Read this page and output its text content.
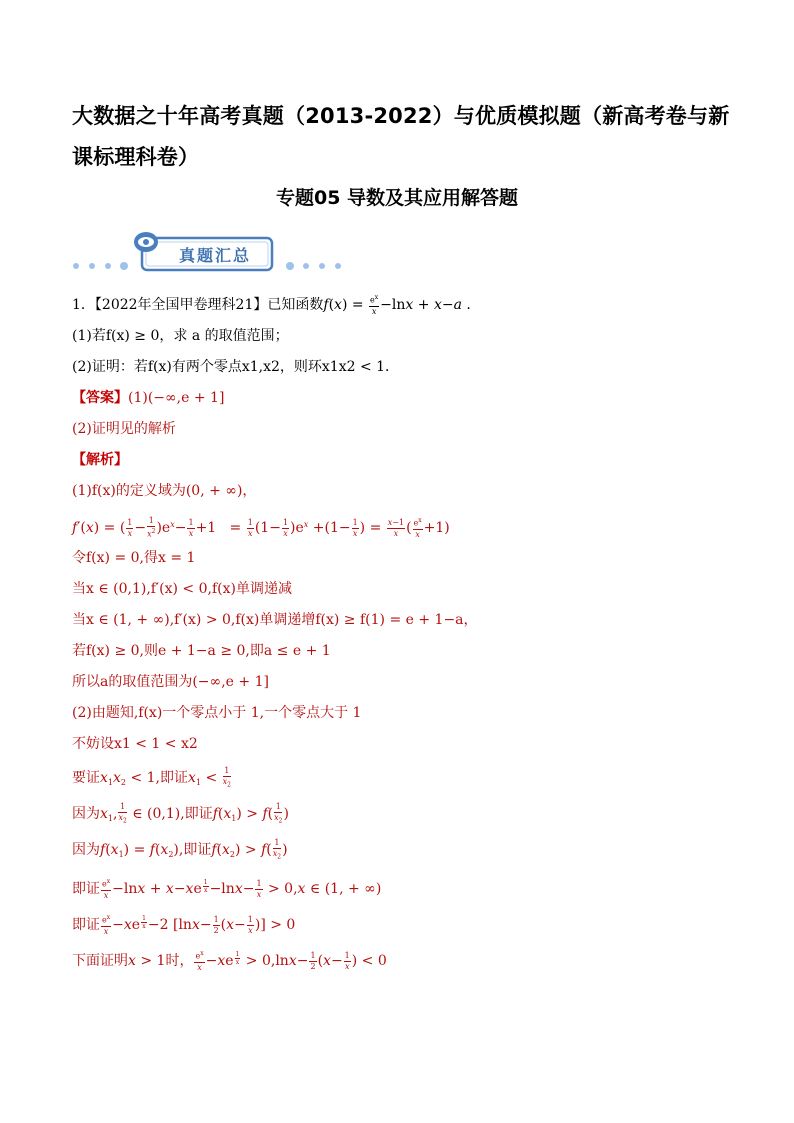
大数据之十年高考真题（2013-2022）与优质模拟题（新高考卷与新课标理科卷）
专题05 导数及其应用解答题
真题汇总
1．【2022年全国甲卷理科21】已知函数$f(x) = \frac{e^x}{x} -\ln x + x-a$ .
(1)若f(x) ≥ 0，求 a 的取值范围；
(2)证明：若f(x)有两个零点x1,x2，则环x1x2 < 1．
【答案】(1)(−∞,e + 1]
(2)证明见的解析
【解析】
(1)f(x)的定义域为(0, + ∞)，
f′(x) = ( $\frac{1}{x} - \frac{1}{x^2} )e^x- \frac{1}{x} +1 = \frac{1}{x} (1- \frac{1}{x} )e^x +(1- \frac{1}{x}$ ) = $\frac{x-1}{x}$ ( $\frac{e^x}{x} +1$)
令f(x) = 0,得x = 1
当x ∈ (0,1),f′(x) < 0,f(x)单调递减
当x ∈ (1, + ∞),f′(x) > 0,f(x)单调递增f(x) ≥ f(1) = e + 1−a，
若f(x) ≥ 0,则e + 1−a ≥ 0,即a ≤ e + 1
所以a的取值范围为(−∞,e + 1]
(2)由题知,f(x)一个零点小于 1,一个零点大于 1
不妨设x1 < 1 < x2
要证$x_1x_2 < 1$,即证$x_1 < \frac{1}{x_2}$
因为$x_1$, $\frac{1}{x_2}$ ∈ (0,1),即证$f(x_1) > f( \frac{1}{x_2}$ )
因为$f(x_1) = f(x_2)$,即证$f(x_2) > f( \frac{1}{x_2}$ )
即证 $\frac{e^x}{x} -\ln x + x-xe$ $^{\frac{1}{x}} -\ln x- \frac{1}{x} > 0,x$ ∈ (1, + ∞)
即证 $\frac{e^x}{x} -xe$ $^{\frac{1}{x}}$ −2 [$\ln x- \frac{1}{2} (x- \frac{1}{x}$ )] > 0
下面证明x > 1时， $\frac{e^x}{x} -xe$ $^{\frac{1}{x}} > 0,\ln x- \frac{1}{2} (x- \frac{1}{x}$ ) < 0
